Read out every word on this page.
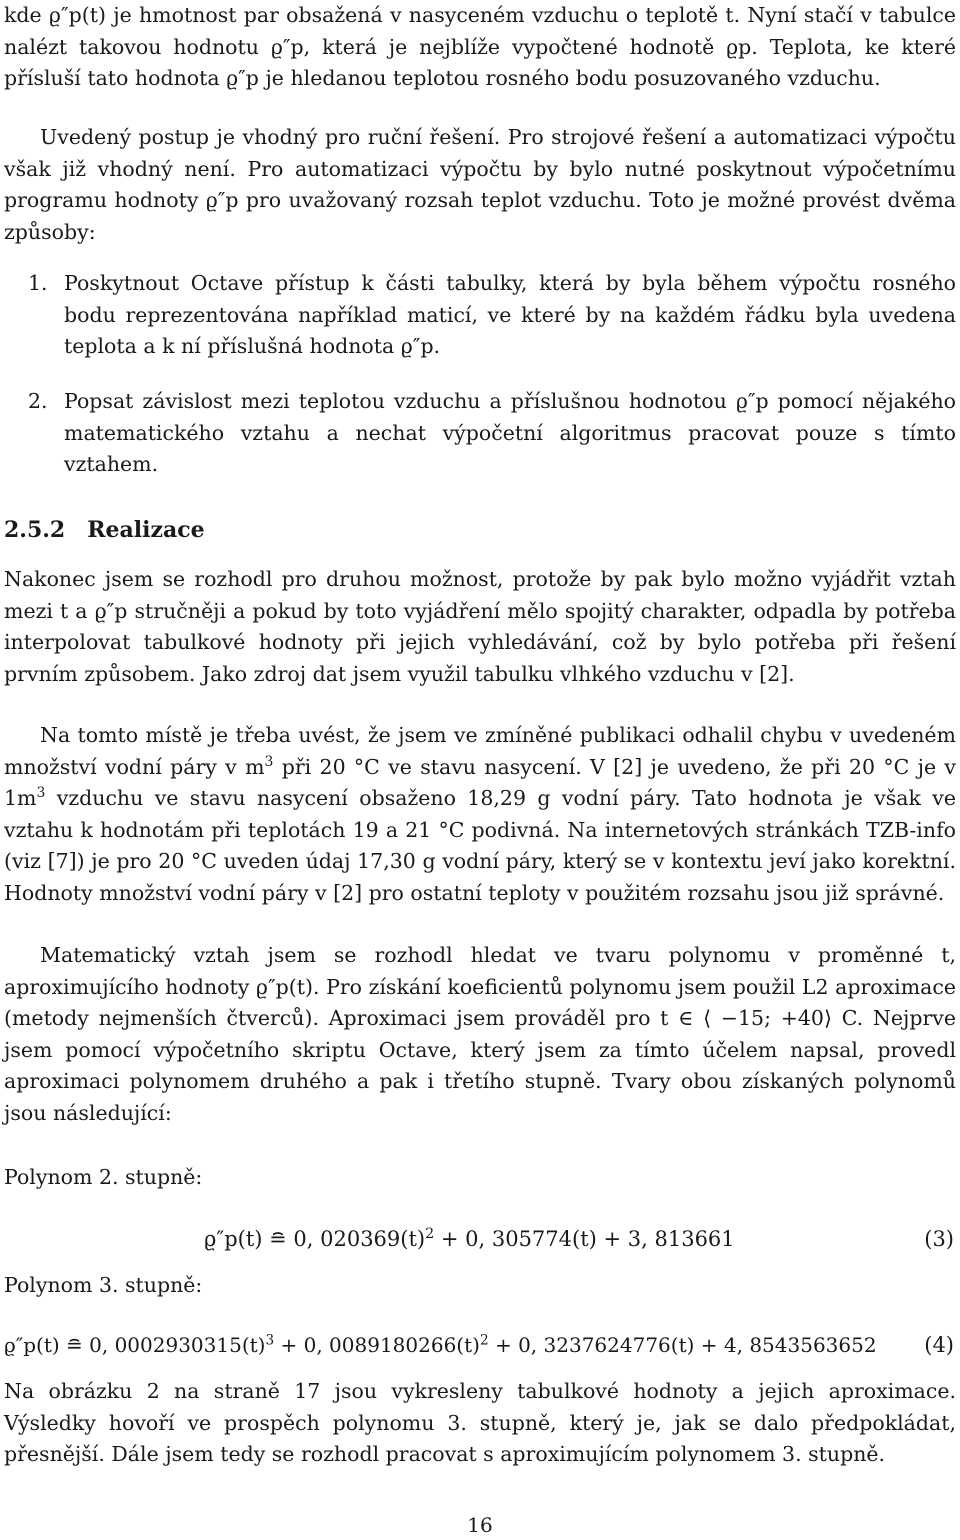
kde ϱ″p(t) je hmotnost par obsažená v nasyceném vzduchu o teplotě t. Nyní stačí v tabulce nalézt takovou hodnotu ϱ″p, která je nejblíže vypočtené hodnotě ϱp. Teplota, ke které přísluší tato hodnota ϱ″p je hledanou teplotou rosného bodu posuzovaného vzduchu.

Uvedený postup je vhodný pro ruční řešení. Pro strojové řešení a automatizaci výpočtu však již vhodný není. Pro automatizaci výpočtu by bylo nutné poskytnout výpočetnímu programu hodnoty ϱ″p pro uvažovaný rozsah teplot vzduchu. Toto je možné provést dvěma způsoby:

1. Poskytnout Octave přístup k části tabulky, která by byla během výpočtu rosného bodu reprezentována například maticí, ve které by na každém řádku byla uvedena teplota a k ní příslušná hodnota ϱ″p.
2. Popsat závislost mezi teplotou vzduchu a příslušnou hodnotou ϱ″p pomocí nějakého matematického vztahu a nechat výpočetní algoritmus pracovat pouze s tímto vztahem.
2.5.2 Realizace

Nakonec jsem se rozhodl pro druhou možnost, protože by pak bylo možno vyjádřit vztah mezi t a ϱ″p stručněji a pokud by toto vyjádření mělo spojitý charakter, odpadla by potřeba interpolovat tabulkové hodnoty při jejich vyhledávání, což by bylo potřeba při řešení prvním způsobem. Jako zdroj dat jsem využil tabulku vlhkého vzduchu v [2].

Na tomto místě je třeba uvést, že jsem ve zmíněné publikaci odhalil chybu v uvedeném množství vodní páry v $m^3$ při 20 °C ve stavu nasycení. V [2] je uvedeno, že při 20 °C je v $1m^3$ vzduchu ve stavu nasycení obsaženo 18,29 g vodní páry. Tato hodnota je však ve vztahu k hodnotám při teplotách 19 a 21 °C podivná. Na internetových stránkách TZB-info (viz [7]) je pro 20 °C uveden údaj 17,30 g vodní páry, který se v kontextu jeví jako korektní. Hodnoty množství vodní páry v [2] pro ostatní teploty v použitém rozsahu jsou již správné.

Matematický vztah jsem se rozhodl hledat ve tvaru polynomu v proměnné t, aproximujícího hodnoty ϱ″p(t). Pro získání koeficientů polynomu jsem použil L2 aproximace (metody nejmenších čtverců). Aproximaci jsem prováděl pro t ∈ ⟨ −15; +40⟩ C. Nejprve jsem pomocí výpočetního skriptu Octave, který jsem za tímto účelem napsal, provedl aproximaci polynomem druhého a pak i třetího stupně. Tvary obou získaných polynomů jsou následující:

Polynom 2. stupně:
ϱ″p(t) ≘ 0, $020369(t)^2 + 0$, 305774(t) + 3, 813661	(3)
Polynom 3. stupně:
ϱ″p(t) ≘ 0, $0002930315(t)^3 + 0$, $0089180266(t)^2 + 0$, 3237624776(t) + 4, 8543563652 (4)

Na obrázku 2 na straně 17 jsou vykresleny tabulkové hodnoty a jejich aproximace. Výsledky hovoří ve prospěch polynomu 3. stupně, který je, jak se dalo předpokládat, přesnější. Dále jsem tedy se rozhodl pracovat s aproximujícím polynomem 3. stupně.

16
